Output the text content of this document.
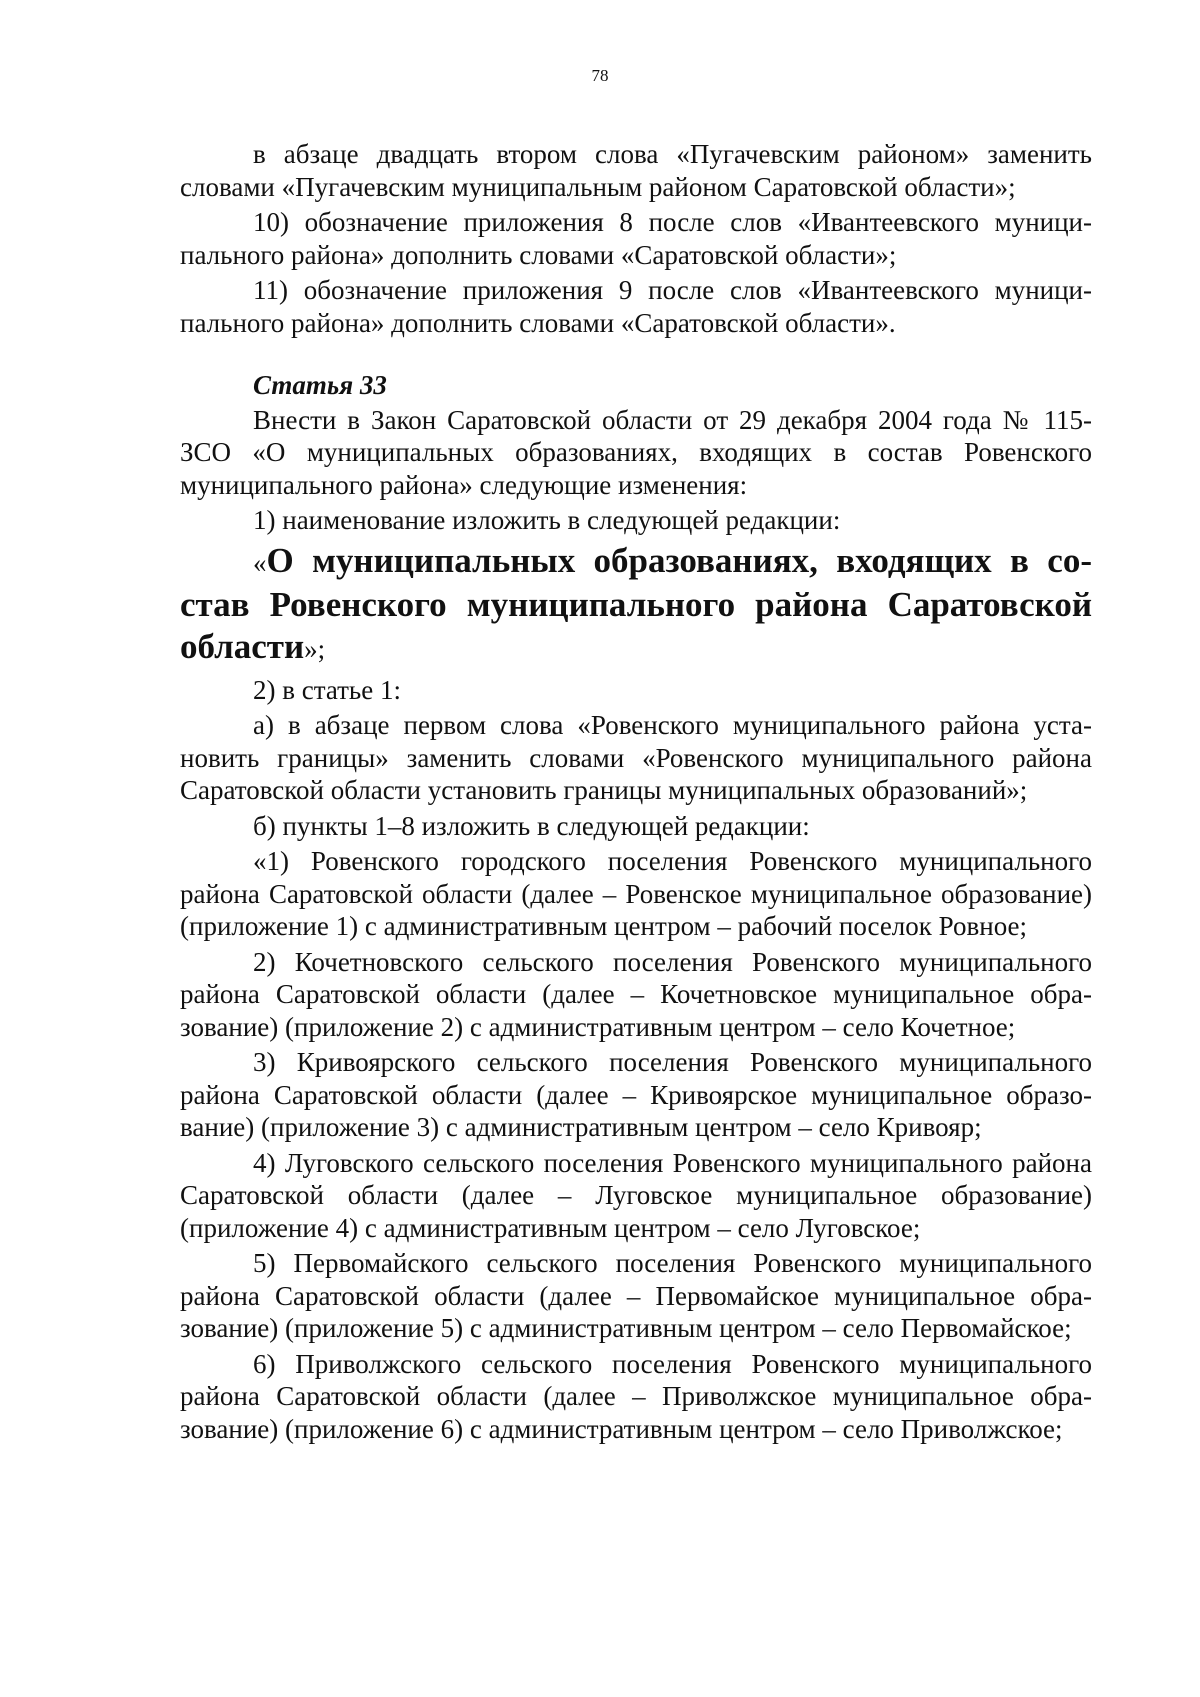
78

в абзаце двадцать втором слова «Пугачевским районом» заменить словами «Пугачевским муниципальным районом Саратовской области»;

10) обозначение приложения 8 после слов «Ивантеевского муниципального района» дополнить словами «Саратовской области»;

11) обозначение приложения 9 после слов «Ивантеевского муниципального района» дополнить словами «Саратовской области».

Статья 33

Внести в Закон Саратовской области от 29 декабря 2004 года № 115-ЗСО «О муниципальных образованиях, входящих в состав Ровенского муниципального района» следующие изменения:

1) наименование изложить в следующей редакции:

«О муниципальных образованиях, входящих в состав Ровенского муниципального района Саратовской области»;

2) в статье 1:

а) в абзаце первом слова «Ровенского муниципального района установить границы» заменить словами «Ровенского муниципального района Саратовской области установить границы муниципальных образований»;

б) пункты 1–8 изложить в следующей редакции:

«1) Ровенского городского поселения Ровенского муниципального района Саратовской области (далее – Ровенское муниципальное образование) (приложение 1) с административным центром – рабочий поселок Ровное;

2) Кочетновского сельского поселения Ровенского муниципального района Саратовской области (далее – Кочетновское муниципальное образование) (приложение 2) с административным центром – село Кочетное;

3) Кривоярского сельского поселения Ровенского муниципального района Саратовской области (далее – Кривоярское муниципальное образование) (приложение 3) с административным центром – село Кривояр;

4) Луговского сельского поселения Ровенского муниципального района Саратовской области (далее – Луговское муниципальное образование) (приложение 4) с административным центром – село Луговское;

5) Первомайского сельского поселения Ровенского муниципального района Саратовской области (далее – Первомайское муниципальное образование) (приложение 5) с административным центром – село Первомайское;

6) Приволжского сельского поселения Ровенского муниципального района Саратовской области (далее – Приволжское муниципальное образование) (приложение 6) с административным центром – село Приволжское;
